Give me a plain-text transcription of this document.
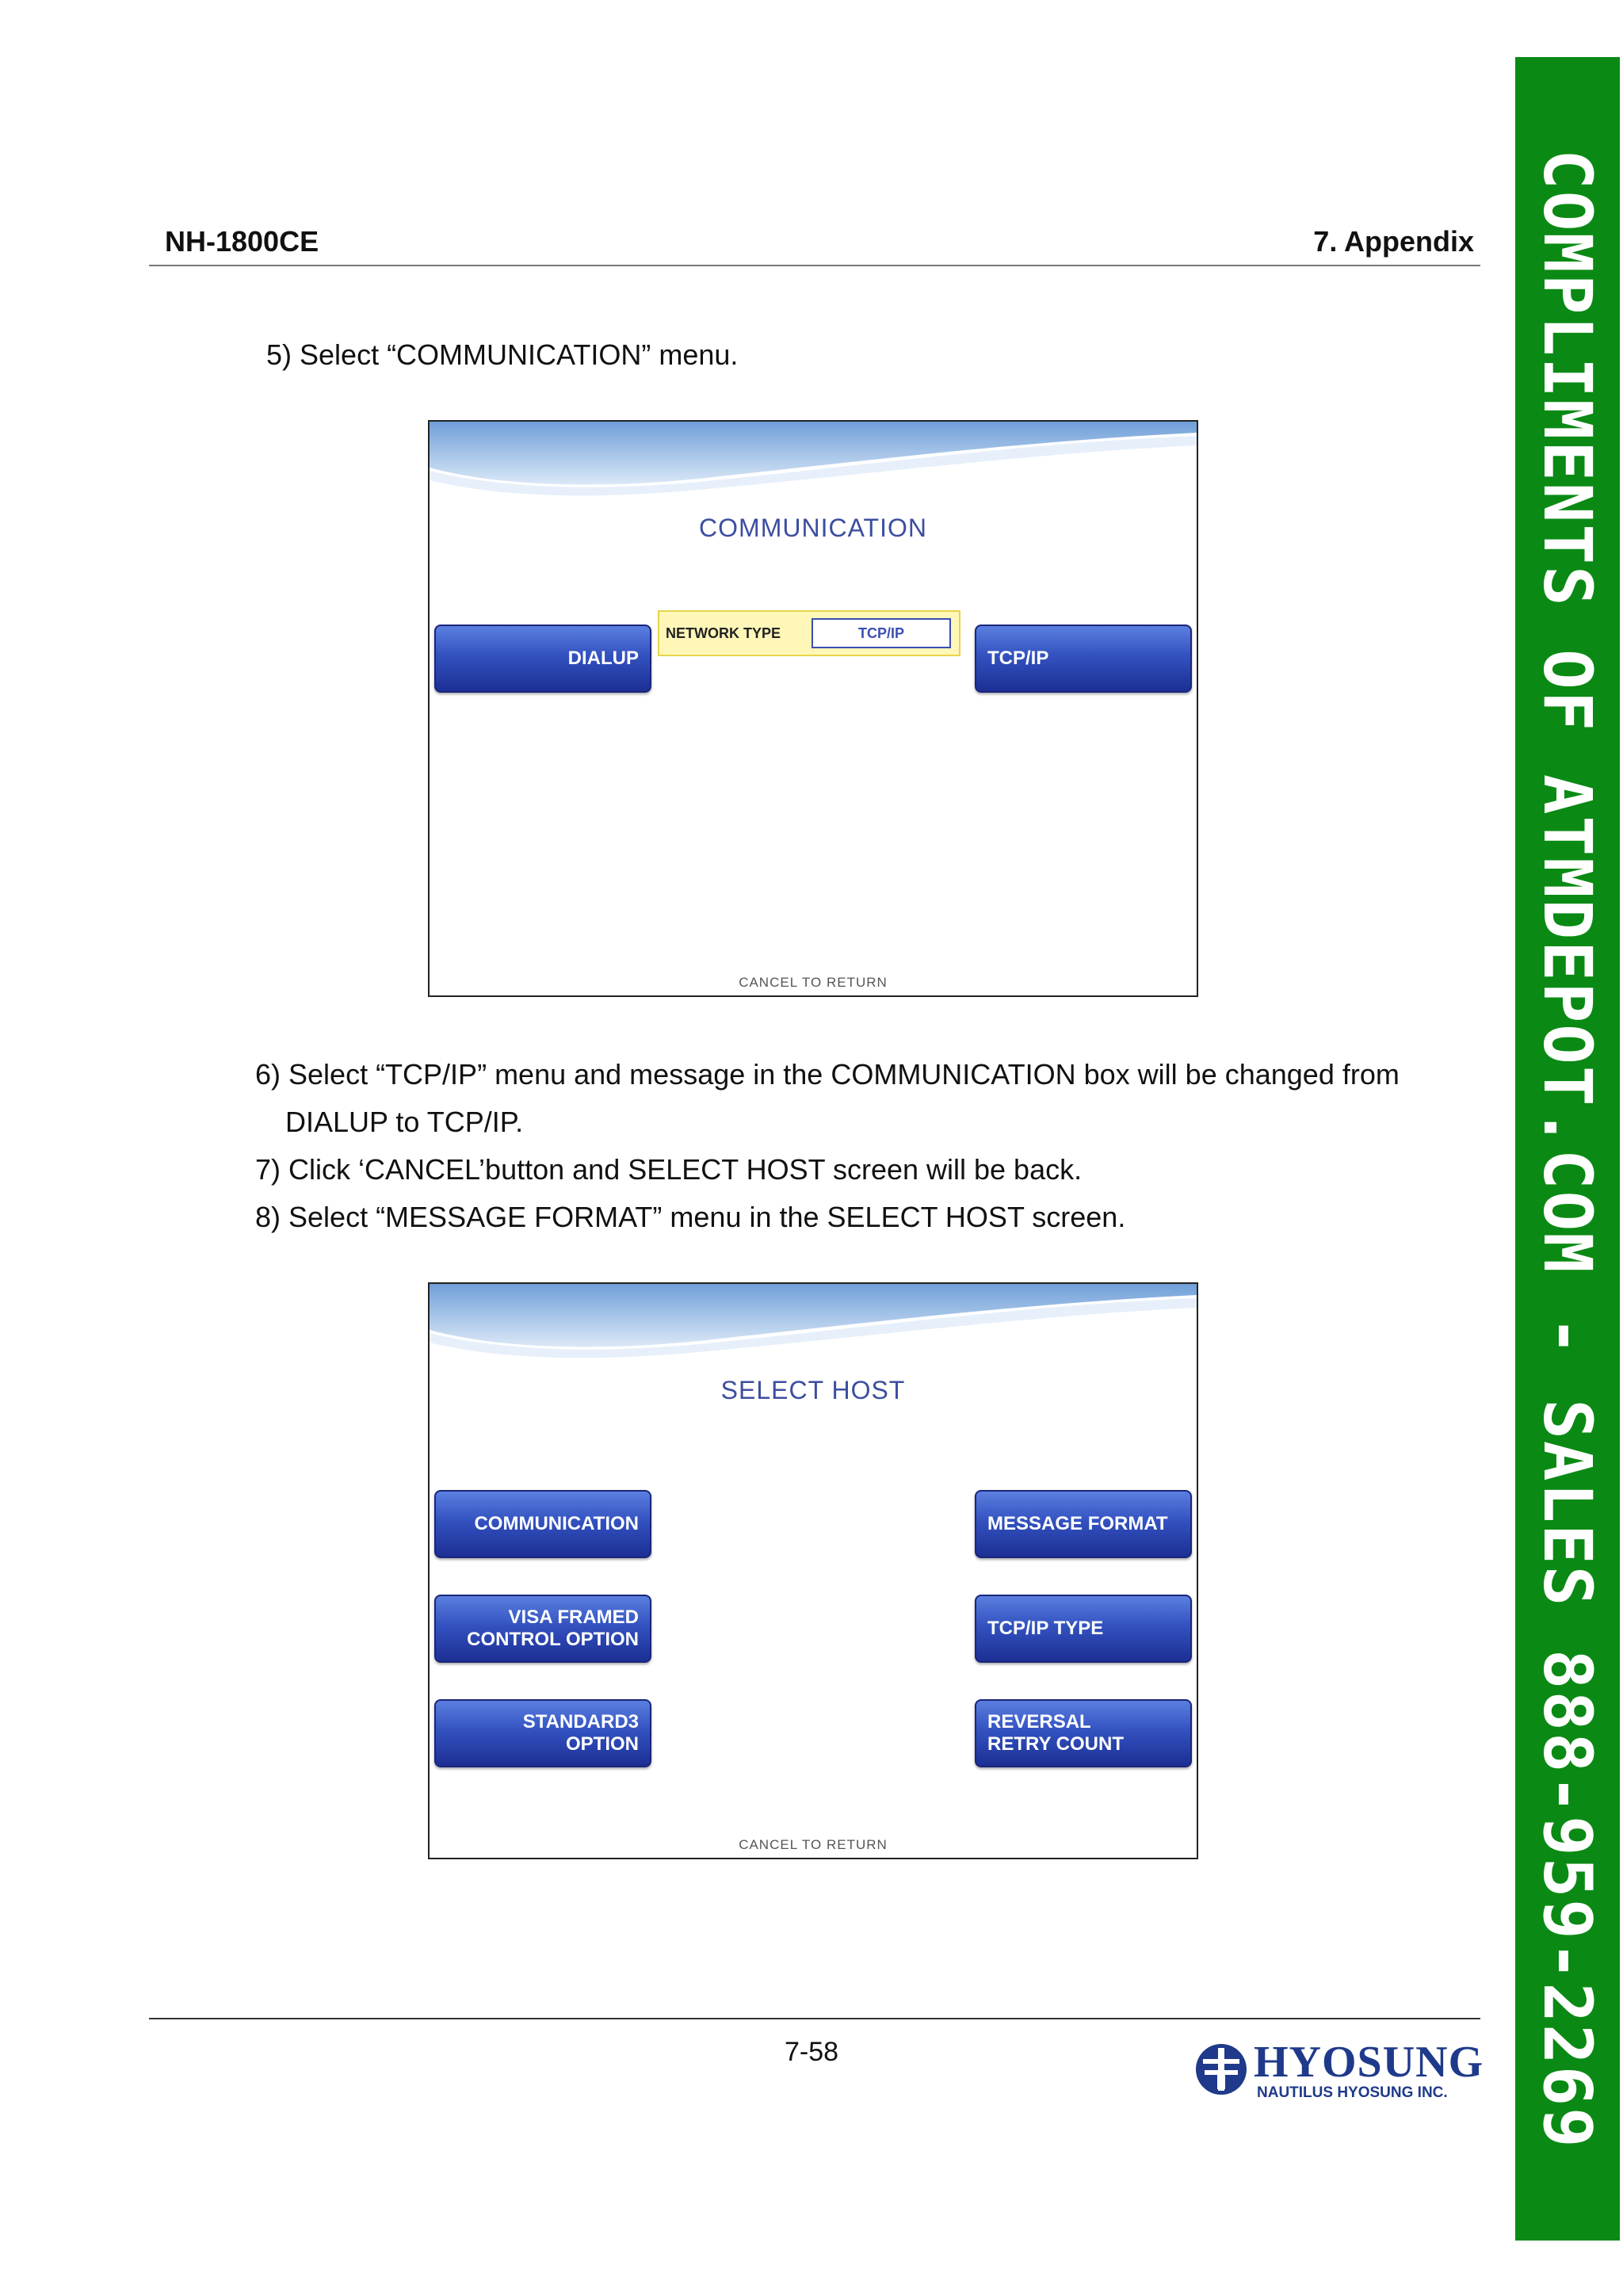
NH-1800CE	7. Appendix
5) Select “COMMUNICATION” menu.
COMMUNICATION
NETWORK TYPE	TCP/IP
DIALUP	TCP/IP
CANCEL TO RETURN
6) Select “TCP/IP” menu and message in the COMMUNICATION box will be changed from
DIALUP to TCP/IP.
7) Click ‘CANCEL’button and SELECT HOST screen will be back.
8) Select “MESSAGE FORMAT” menu in the SELECT HOST screen.
SELECT HOST
COMMUNICATION
VISA FRAMED
CONTROL OPTION
STANDARD3
OPTION
MESSAGE FORMAT
TCP/IP TYPE
REVERSAL
RETRY COUNT
CANCEL TO RETURN
7-58	HYOSUNG
NAUTILUS HYOSUNG INC. COMPLIMENTS OF ATMDEPOT.COM - SALES 888-959-2269
